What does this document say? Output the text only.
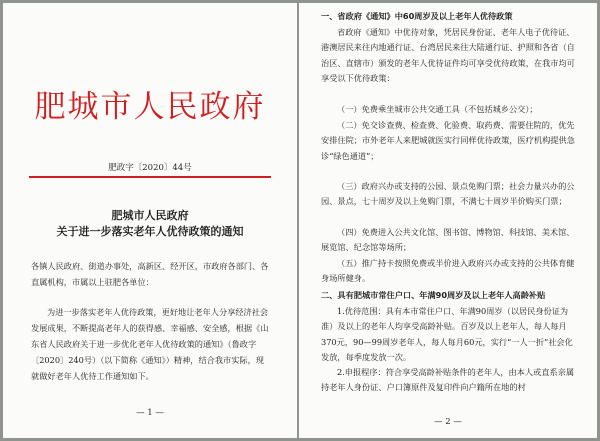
肥城市人民政府
肥政字〔2020〕44号
肥城市人民政府
关于进一步落实老年人优待政策的通知
各镇人民政府、街道办事处，高新区、经开区，市政府各部门、各直属机构，市属以上驻肥各单位：
为进一步落实老年人优待政策，更好地让老年人分享经济社会发展成果，不断提高老年人的获得感、幸福感、安全感，根据《山东省人民政府关于进一步优化老年人优待政策的通知》（鲁政字〔2020〕240号）（以下简称《通知》）精神，结合我市实际，现就做好老年人优待工作通知如下。
— 1 —
一、省政府《通知》中60周岁及以上老年人优待政策
省政府《通知》中优待对象，凭居民身份证、老年人电子优待证、港澳居民来往内地通行证、台湾居民来往大陆通行证、护照和各省（自治区、直辖市）颁发的老年人优待证件均可享受优待政策，在我市均可享受以下优待政策：
（一）免费乘坐城市公共交通工具（不包括城乡公交）；
（二）免交诊查费、检查费、化验费、取药费、需要住院的，优先安排住院；市外老年人来肥城就医实行同样优待政策，医疗机构提供急诊“绿色通道”；
（三）政府兴办或支持的公园、景点免购门票；社会力量兴办的公园、景点，七十周岁及以上免购门票，不满七十周岁半价购买门票；
（四）免费进入公共文化馆、图书馆、博物馆、科技馆、美术馆、展览馆、纪念馆等场所；
（五）推广持卡按照免费或半价进入政府兴办或支持的公共体育健身场所健身。
二、具有肥城市常住户口、年满90周岁及以上老年人高龄补贴
1.优待范围：具有本市常住户口、年满90周岁（以居民身份证为准）及以上的老年人均享受高龄补贴。百岁及以上老年人，每人每月370元，90—99周岁老年人，每人每月60元，实行“一人一折”社会化发放，每季度发放一次。
2.申报程序：符合享受高龄补贴条件的老年人，由本人或直系亲属持老年人身份证、户口簿原件及复印件向户籍所在地的村
— 2 —
